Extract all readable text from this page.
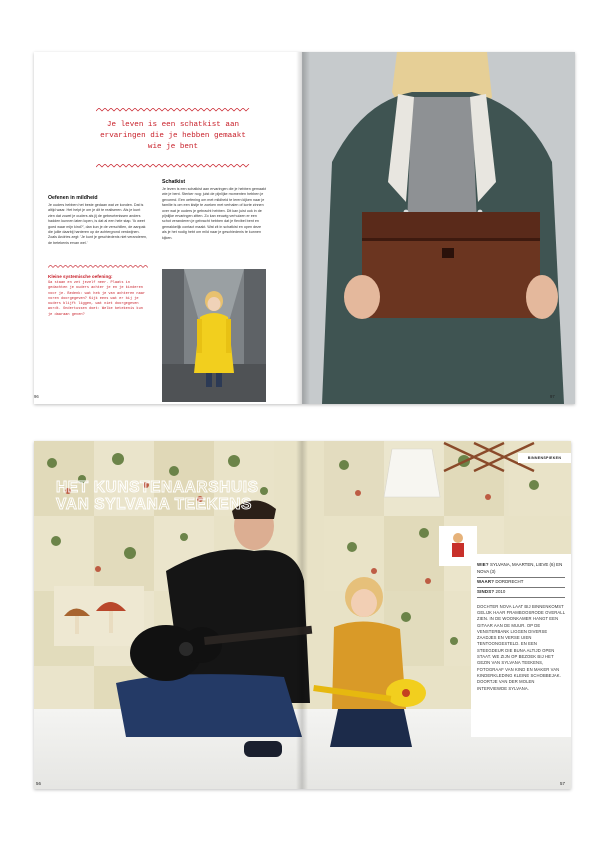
Je leven is een schatkist aan ervaringen die je hebben gemaakt wie je bent
Oefenen in mildheid
Je ouders hebben het beste gedaan wat ze konden. Dat is altijd waar. Het helpt je om je dit te realiseren. Als je kunt zien dat zowel je ouders als jij de gebeurtenissen anders hadden kunnen laten lopen, is dat al een hele stap. 'Ik weet goed waar mijn kind?', dan kun je de verschillen, de aanpak die jullie daarbij hanteren op de achtergrond verdwijnen. Zoals Andries zegt: 'Je kunt je geschiedenis niet veranderen, de betekenis ervan wel.'
Schatkist
Je leven is een schatkist aan ervaringen die je hebben gemaakt wie je bent. Sterker nog: juist de pijnlijke momenten hebben je gevormd. Een oefening om met mildheid te leren kijken naar je familie is om een kistje te zoeken met verhalen of korte zinnen over wat je ouders je gebracht hebben. Dit kan juist ook in de pijnlijke ervaringen zitten. Zo kan eeuwig verhuizen er een schot veranderen je gebracht hebben dat je flexibel bent en gemakkelijk contact maakt. Wat zit in schatkist en open deze als je het nodig hebt om mild naar je geschiedenis te kunnen kijken.
Kleine systemische oefening:
Ga staan en zet jezelf neer. Plaats in gedachten je ouders achter je en je kinderen voor je. Bedenk: wat heb je van achteren naar voren doorgegeven? Kijk eens wat er bij je ouders blijft liggen, wat niet doorgegeven wordt. Ondertussen doet: Welke betekenis kun je daaraan geven?
96	97
HET KUNSTENAARSHUIS
VAN SYLVANA TEEKENS
BINNENSPIEKEN
WIE? SYLVANA, MAARTEN, LIEVE (6) EN NOVA (3)
WAAR? DORDRECHT
SINDS? 2010
DOCHTER NOVA LAAT BIJ BINNENKOMST GELIJK HAAR FRAMBOOSRODE OVERALL ZIEN. IN DE WOONKAMER HANGT EEN GITAAR AAN DE MUUR. OP DE VENSTERBANK LIGGEN DIVERSE ZAADJES EN VERSE UIEN TENTOONGESTELD. EN EEN STEEGDEUR DIE BUNA ALTIJD OPEN STAAT. WE ZIJN OP BEZOEK BIJ HET GEZIN VAN SYLVANA TEEKENS, FOTOGRAAF VAN KIND EN MAKER VAN KINDERKLEDING KLEINE SCHOBBEJAK. DOORTJE VAN DER MOLEN INTERVIEWDE SYLVANA.
56	57
